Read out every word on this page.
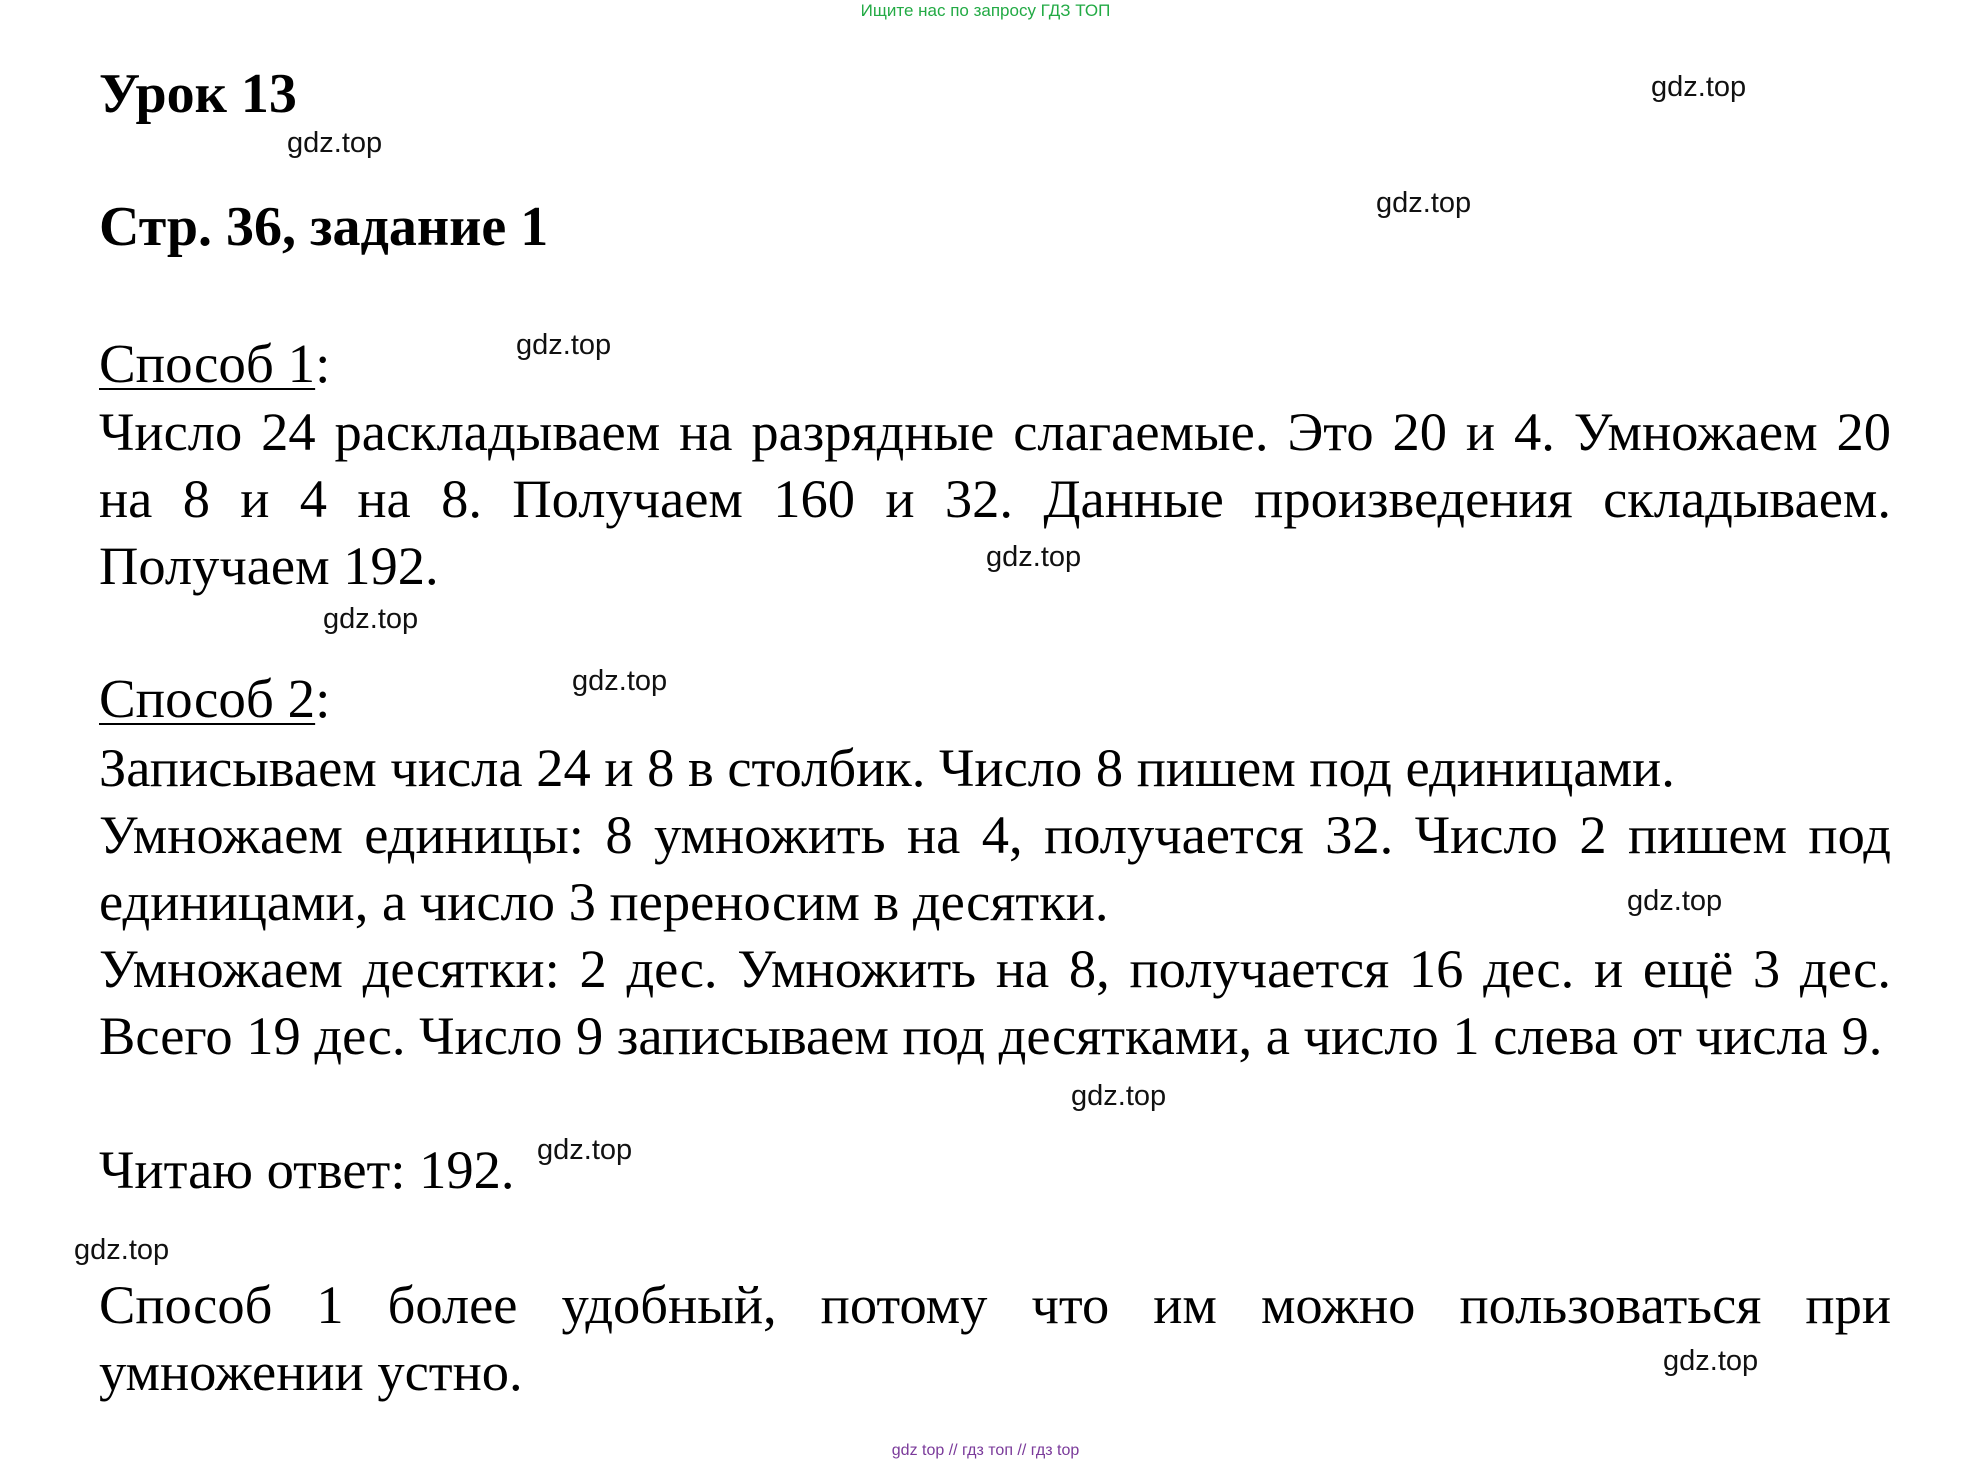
Ищите нас по запросу ГДЗ ТОП
Урок 13
Стр. 36, задание 1
Способ 1:

Число 24 раскладываем на разрядные слагаемые. Это 20 и 4. Умножаем 20 на 8 и 4 на 8. Получаем 160 и 32. Данные произведения складываем. Получаем 192.

Способ 2:

Записываем числа 24 и 8 в столбик. Число 8 пишем под единицами.

Умножаем единицы: 8 умножить на 4, получается 32. Число 2 пишем под единицами, а число 3 переносим в десятки.

Умножаем десятки: 2 дес. Умножить на 8, получается 16 дес. и ещё 3 дес. Всего 19 дес. Число 9 записываем под десятками, а число 1 слева от числа 9.

Читаю ответ: 192.

Способ 1 более удобный, потому что им можно пользоваться при умножении устно.

gdz.top
gdz.top
gdz.top
gdz.top
gdz.top
gdz.top
gdz.top
gdz.top
gdz.top
gdz.top
gdz.top
gdz.top
gdz top // гдз топ // гдз top
